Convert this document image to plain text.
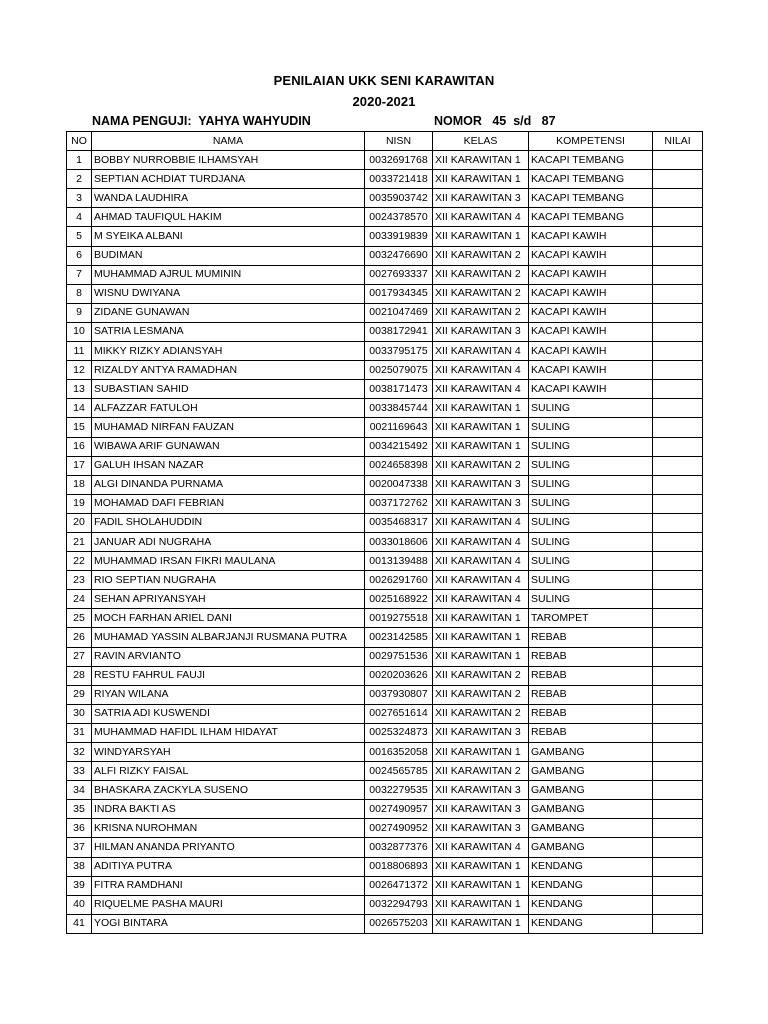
PENILAIAN UKK SENI KARAWITAN
2020-2021
NAMA PENGUJI: YAHYA WAHYUDIN	NOMOR 45  s/d   87
NO	NAMA	NISN	KELAS	KOMPETENSI	NILAI
1	BOBBY NURROBBIE ILHAMSYAH	0032691768	XII KARAWITAN 1	KACAPI TEMBANG	
2	SEPTIAN ACHDIAT TURDJANA	0033721418	XII KARAWITAN 1	KACAPI TEMBANG	
3	WANDA LAUDHIRA	0035903742	XII KARAWITAN 3	KACAPI TEMBANG	
4	AHMAD TAUFIQUL HAKIM	0024378570	XII KARAWITAN 4	KACAPI TEMBANG	
5	M SYEIKA ALBANI	0033919839	XII KARAWITAN 1	KACAPI KAWIH	
6	BUDIMAN	0032476690	XII KARAWITAN 2	KACAPI KAWIH	
7	MUHAMMAD AJRUL MUMININ	0027693337	XII KARAWITAN 2	KACAPI KAWIH	
8	WISNU DWIYANA	0017934345	XII KARAWITAN 2	KACAPI KAWIH	
9	ZIDANE GUNAWAN	0021047469	XII KARAWITAN 2	KACAPI KAWIH	
10	SATRIA LESMANA	0038172941	XII KARAWITAN 3	KACAPI KAWIH	
11	MIKKY RIZKY ADIANSYAH	0033795175	XII KARAWITAN 4	KACAPI KAWIH	
12	RIZALDY ANTYA RAMADHAN	0025079075	XII KARAWITAN 4	KACAPI KAWIH	
13	SUBASTIAN SAHID	0038171473	XII KARAWITAN 4	KACAPI KAWIH	
14	ALFAZZAR FATULOH	0033845744	XII KARAWITAN 1	SULING	
15	MUHAMAD NIRFAN FAUZAN	0021169643	XII KARAWITAN 1	SULING	
16	WIBAWA ARIF GUNAWAN	0034215492	XII KARAWITAN 1	SULING	
17	GALUH IHSAN NAZAR	0024658398	XII KARAWITAN 2	SULING	
18	ALGI DINANDA PURNAMA	0020047338	XII KARAWITAN 3	SULING	
19	MOHAMAD DAFI FEBRIAN	0037172762	XII KARAWITAN 3	SULING	
20	FADIL SHOLAHUDDIN	0035468317	XII KARAWITAN 4	SULING	
21	JANUAR ADI NUGRAHA	0033018606	XII KARAWITAN 4	SULING	
22	MUHAMMAD IRSAN FIKRI MAULANA	0013139488	XII KARAWITAN 4	SULING	
23	RIO SEPTIAN NUGRAHA	0026291760	XII KARAWITAN 4	SULING	
24	SEHAN APRIYANSYAH	0025168922	XII KARAWITAN 4	SULING	
25	MOCH FARHAN ARIEL DANI	0019275518	XII KARAWITAN 1	TAROMPET	
26	MUHAMAD YASSIN ALBARJANJI RUSMANA PUTRA	0023142585	XII KARAWITAN 1	REBAB	
27	RAVIN ARVIANTO	0029751536	XII KARAWITAN 1	REBAB	
28	RESTU FAHRUL FAUJI	0020203626	XII KARAWITAN 2	REBAB	
29	RIYAN WILANA	0037930807	XII KARAWITAN 2	REBAB	
30	SATRIA ADI KUSWENDI	0027651614	XII KARAWITAN 2	REBAB	
31	MUHAMMAD HAFIDL ILHAM HIDAYAT	0025324873	XII KARAWITAN 3	REBAB	
32	WINDYARSYAH	0016352058	XII KARAWITAN 1	GAMBANG	
33	ALFI RIZKY FAISAL	0024565785	XII KARAWITAN 2	GAMBANG	
34	BHASKARA ZACKYLA SUSENO	0032279535	XII KARAWITAN 3	GAMBANG	
35	INDRA BAKTI AS	0027490957	XII KARAWITAN 3	GAMBANG	
36	KRISNA NUROHMAN	0027490952	XII KARAWITAN 3	GAMBANG	
37	HILMAN ANANDA PRIYANTO	0032877376	XII KARAWITAN 4	GAMBANG	
38	ADITIYA PUTRA	0018806893	XII KARAWITAN 1	KENDANG	
39	FITRA RAMDHANI	0026471372	XII KARAWITAN 1	KENDANG	
40	RIQUELME PASHA MAURI	0032294793	XII KARAWITAN 1	KENDANG	
41	YOGI BINTARA	0026575203	XII KARAWITAN 1	KENDANG	
